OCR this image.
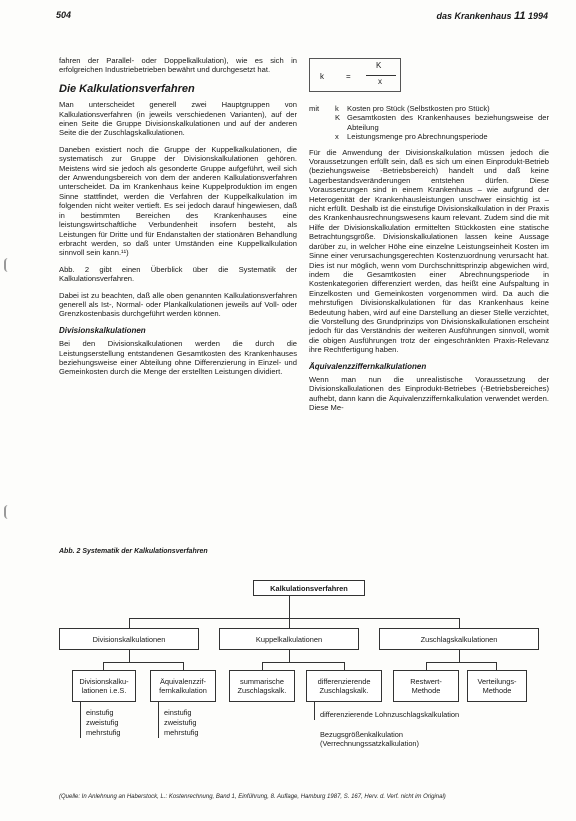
504	das Krankenhaus 11 1994

fahren der Parallel- oder Doppelkalkulation), wie es sich in erfolgreichen Industriebetrieben bewährt und durchgesetzt hat.

Die Kalkulationsverfahren

Man unterscheidet generell zwei Hauptgruppen von Kalkulationsverfahren (in jeweils verschiedenen Varianten), auf der einen Seite die Gruppe Divisionskalkulationen und auf der anderen Seite die der Zuschlagskalkulationen.

Daneben existiert noch die Gruppe der Kuppelkalkulationen, die systematisch zur Gruppe der Divisionskalkulationen gehören. Meistens wird sie jedoch als gesonderte Gruppe aufgeführt, weil sich der Anwendungsbereich von dem der anderen Kalkulationsverfahren unterscheidet. Da im Krankenhaus keine Kuppelproduktion im engen Sinne stattfindet, werden die Verfahren der Kuppelkalkulation im folgenden nicht weiter vertieft. Es sei jedoch darauf hingewiesen, daß in bestimmten Bereichen des Krankenhauses eine leistungswirtschaftliche Verbundenheit insofern besteht, als Leistungen für Dritte und für Endanstalten der stationären Behandlung erbracht werden, so daß unter Umständen eine Kuppelkalkulation sinnvoll sein kann.¹¹)

Abb. 2 gibt einen Überblick über die Systematik der Kalkulationsverfahren.

Dabei ist zu beachten, daß alle oben genannten Kalkulationsverfahren generell als Ist-, Normal- oder Plankalkulationen jeweils auf Voll- oder Grenzkostenbasis durchgeführt werden können.

Divisionskalkulationen

Bei den Divisionskalkulationen werden die durch die Leistungserstellung entstandenen Gesamtkosten des Krankenhauses beziehungsweise einer Abteilung ohne Differenzierung in Einzel- und Gemeinkosten durch die Menge der erstellten Leistungen dividiert.

k	=
K
x
mit	k	Kosten pro Stück (Selbstkosten pro Stück)
K Gesamtkosten des Krankenhauses beziehungsweise der Abteilung
x	Leistungsmenge pro Abrechnungsperiode

Für die Anwendung der Divisionskalkulation müssen jedoch die Voraussetzungen erfüllt sein, daß es sich um einen Einprodukt-Betrieb (beziehungsweise -Betriebsbereich) handelt und daß keine Lagerbestandsveränderungen entstehen dürfen. Diese Voraussetzungen sind in einem Krankenhaus – wie aufgrund der Heterogenität der Krankenhausleistungen unschwer einsichtig ist – nicht erfüllt. Deshalb ist die einstufige Divisionskalkulation in der Praxis des Krankenhausrechnungswesens kaum relevant. Zudem sind die mit Hilfe der Divisionskalkulation ermittelten Stückkosten eine statische Betrachtungsgröße. Divisionskalkulationen lassen keine Aussage darüber zu, in welcher Höhe eine einzelne Leistungseinheit Kosten im Sinne einer verursachungsgerechten Kostenzuordnung verursacht hat. Dies ist nur möglich, wenn vom Durchschnittsprinzip abgewichen wird, indem die Gesamtkosten einer Abrechnungsperiode in Kostenkategorien differenziert werden, das heißt eine Aufspaltung in Einzelkosten und Gemeinkosten vorgenommen wird. Da auch die mehrstufigen Divisionskalkulationen für das Krankenhaus keine Bedeutung haben, wird auf eine Darstellung an dieser Stelle verzichtet, die Vorstellung des Grundprinzips von Divisionskalkulationen erscheint jedoch für das Verständnis der weiteren Ausführungen sinnvoll, womit die obigen Ausführungen trotz der eingeschränkten Praxis-Relevanz ihre Rechtfertigung haben.

Äquivalenzziffernkalkulationen

Wenn man nun die unrealistische Voraussetzung der Divisionskalkulationen des Einprodukt-Betriebes (-Betriebsbereiches) aufhebt, dann kann die Äquivalenzziffernkalkulation verwendet werden. Diese Me-

Abb. 2 Systematik der Kalkulationsverfahren
Kalkulationsverfahren
Divisionskalkulationen	Kuppelkalkulationen	Zuschlagskalkulationen
Divisionskalku-
lationen i.e.S.
Äquivalenzzif-
fernkalkulation
summarische
Zuschlagskalk.
differenzierende
Zuschlagskalk.
Restwert-
Methode
Verteilungs-
Methode
einstufig
zweistufig
mehrstufig
einstufig
zweistufig
mehrstufig
differenzierende Lohnzuschlagskalkulation
Bezugsgrößenkalkulation
(Verrechnungssatzkalkulation)
(Quelle: In Anlehnung an Haberstock, L.: Kostenrechnung, Band 1, Einführung, 8. Auflage, Hamburg 1987, S. 167, Herv. d. Verf. nicht im Original)
